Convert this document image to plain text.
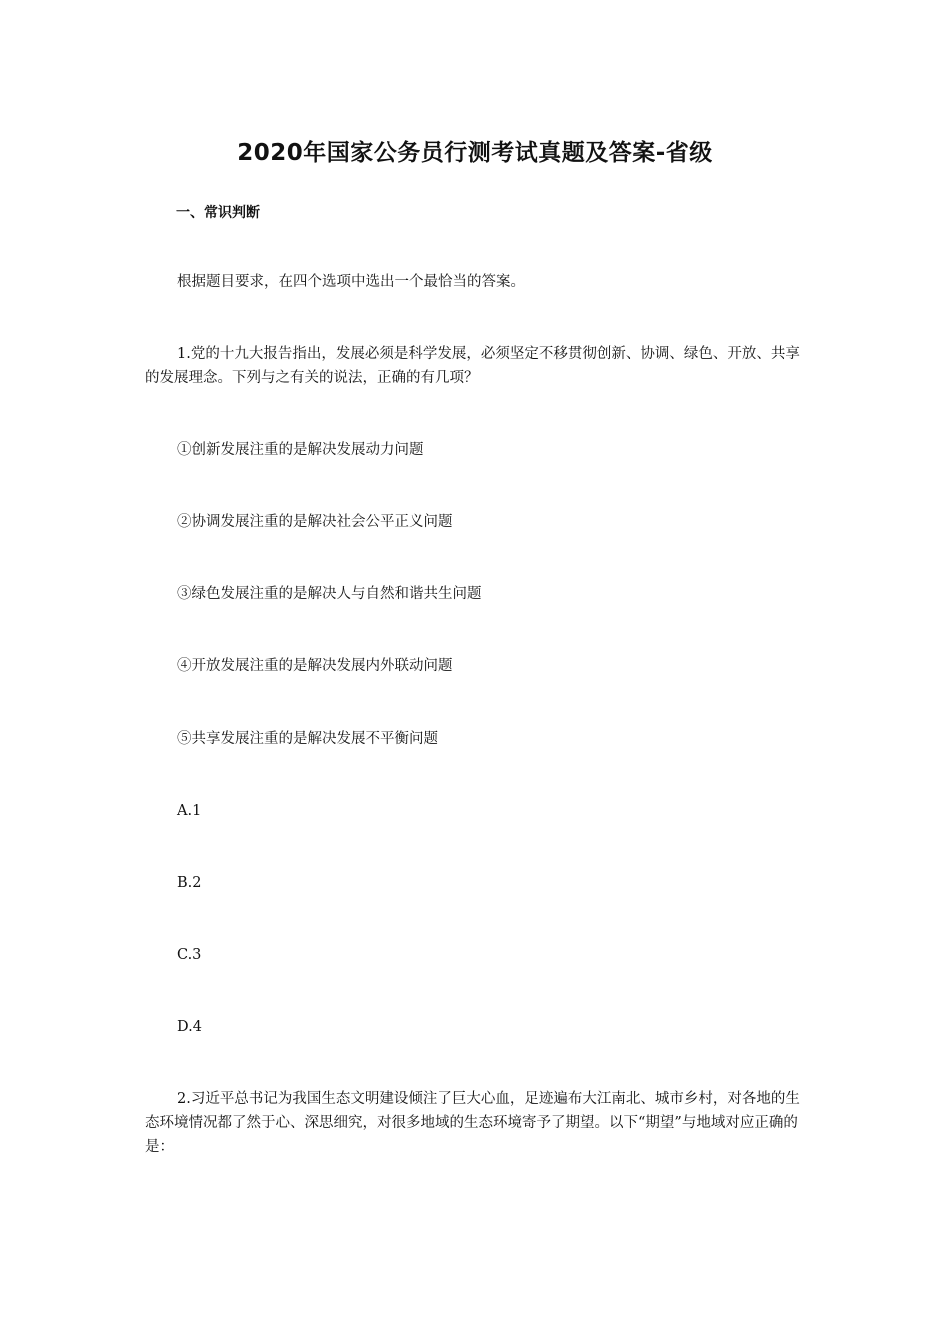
2020年国家公务员行测考试真题及答案-省级
一、常识判断
根据题目要求，在四个选项中选出一个最恰当的答案。
1.党的十九大报告指出，发展必须是科学发展，必须坚定不移贯彻创新、协调、绿色、开放、共享的发展理念。下列与之有关的说法，正确的有几项？
①创新发展注重的是解决发展动力问题
②协调发展注重的是解决社会公平正义问题
③绿色发展注重的是解决人与自然和谐共生问题
④开放发展注重的是解决发展内外联动问题
⑤共享发展注重的是解决发展不平衡问题
A.1
B.2
C.3
D.4
2.习近平总书记为我国生态文明建设倾注了巨大心血，足迹遍布大江南北、城市乡村，对各地的生态环境情况都了然于心、深思细究，对很多地域的生态环境寄予了期望。以下“期望”与地域对应正确的是：
